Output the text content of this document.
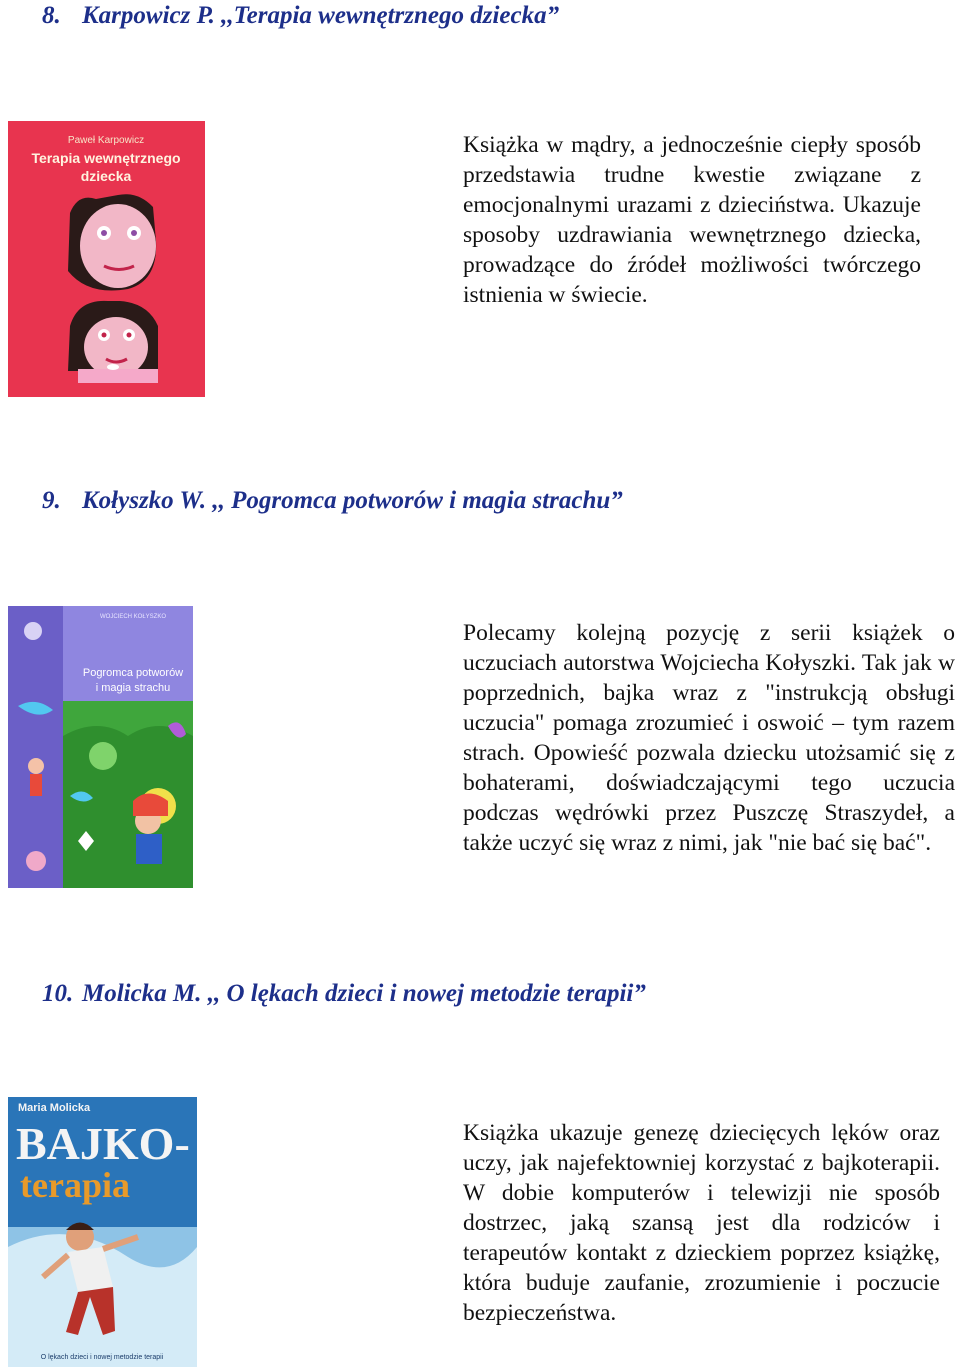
8. Karpowicz P. ,,Terapia wewnętrznego dziecka”
Paweł Karpowicz
Terapia wewnętrznego
dziecka

Książka w mądry, a jednocześnie ciepły sposób przedstawia trudne kwestie związane z emocjonalnymi urazami z dzieciństwa. Ukazuje sposoby uzdrawiania wewnętrznego dziecka, prowadzące do źródeł możliwości twórczego istnienia w świecie.

9. Kołyszko W. ,, Pogromca potworów i magia strachu”
WOJCIECH KOŁYSZKO
Pogromca potworów
i magia strachu

Polecamy kolejną pozycję z serii książek o uczuciach autorstwa Wojciecha Kołyszki. Tak jak w poprzednich, bajka wraz z "instrukcją obsługi uczucia" pomaga zrozumieć i oswoić – tym razem strach. Opowieść pozwala dziecku utożsamić się z bohaterami, doświadczającymi tego uczucia podczas wędrówki przez Puszczę Straszydeł, a także uczyć się wraz z nimi, jak "nie bać się bać".

10. Molicka M. ,, O lękach dzieci i nowej metodzie terapii”
Maria Molicka
BAJKO-
terapia
O lękach dzieci i nowej metodzie terapii

Książka ukazuje genezę dziecięcych lęków oraz uczy, jak najefektowniej korzystać z bajkoterapii. W dobie komputerów i telewizji nie sposób dostrzec, jaką szansą jest dla rodziców i terapeutów kontakt z dzieckiem poprzez książkę, która buduje zaufanie, zrozumienie i poczucie bezpieczeństwa.
